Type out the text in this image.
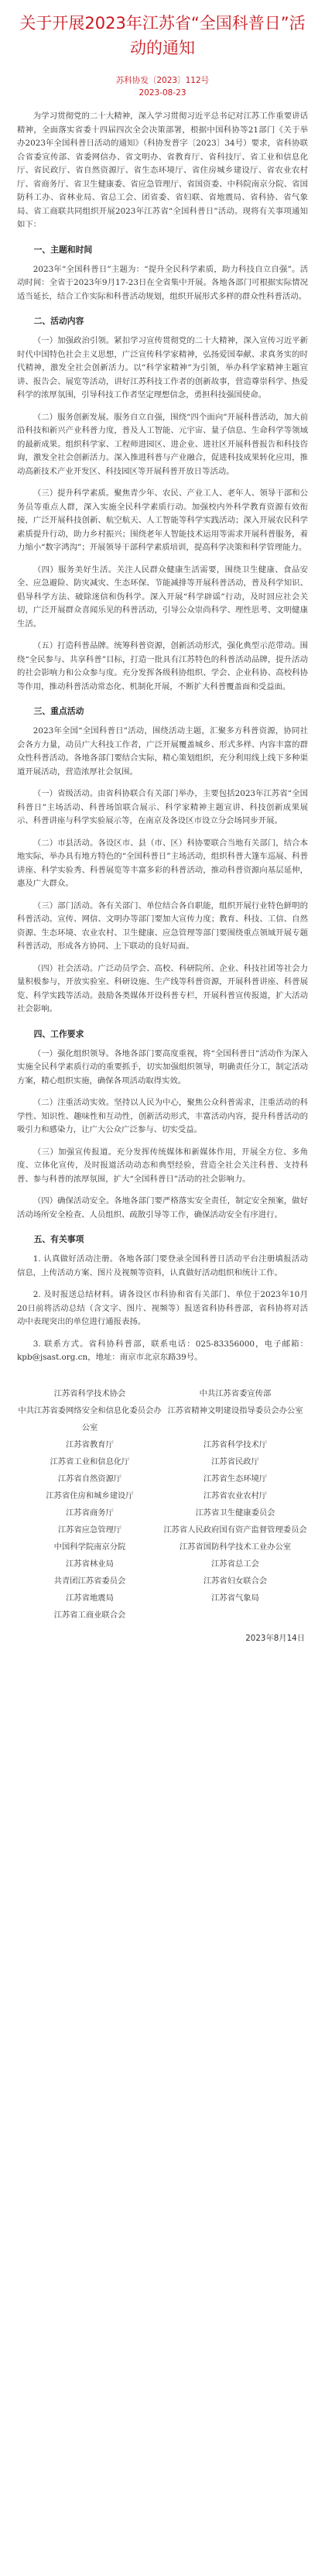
关于开展2023年江苏省“全国科普日”活动的通知
苏科协发〔2023〕112号
2023-08-23

为学习贯彻党的二十大精神，深入学习贯彻习近平总书记对江苏工作重要讲话精神，全面落实省委十四届四次全会决策部署，根据中国科协等21部门《关于举办2023年全国科普日活动的通知》（科协发普字〔2023〕34号）要求，省科协联合省委宣传部、省委网信办、省文明办、省教育厅、省科技厅、省工业和信息化厅、省民政厅、省自然资源厅、省生态环境厅、省住房城乡建设厅、省农业农村厅、省商务厅、省卫生健康委、省应急管理厅、省国资委、中科院南京分院、省国防科工办、省林业局、省总工会、团省委、省妇联、省地震局、省科协、省气象局、省工商联共同组织开展2023年江苏省“全国科普日”活动。现将有关事项通知如下：

一、主题和时间

2023年“全国科普日”主题为：“提升全民科学素质，助力科技自立自强”。活动时间：全省于2023年9月17-23日在全省集中开展。各地各部门可根据实际情况适当延长，结合工作实际和科普活动规划，组织开展形式多样的群众性科普活动。

二、活动内容

（一）加强政治引领。紧扣学习宣传贯彻党的二十大精神，深入宣传习近平新时代中国特色社会主义思想，广泛宣传科学家精神，弘扬爱国奉献、求真务实的时代精神，激发全社会创新活力。以“科学家精神”为引领，举办科学家精神主题宣讲、报告会、展览等活动，讲好江苏科技工作者的创新故事，营造尊崇科学、热爱科学的浓厚氛围，引导科技工作者坚定理想信念，勇担科技强国使命。

（二）服务创新发展。服务自立自强，围绕“四个面向”开展科普活动，加大前沿科技和新兴产业科普力度，普及人工智能、元宇宙、量子信息、生命科学等领域的最新成果。组织科学家、工程师进园区、进企业、进社区开展科普报告和科技咨询，激发全社会创新活力。深入推进科普与产业融合，促进科技成果转化应用，推动高新技术产业开发区、科技园区等开展科普开放日等活动。

（三）提升科学素质。聚焦青少年、农民、产业工人、老年人、领导干部和公务员等重点人群，深入实施全民科学素质行动。加强校内外科学教育资源有效衔接，广泛开展科技创新、航空航天、人工智能等科学实践活动；深入开展农民科学素质提升行动，助力乡村振兴；围绕老年人智能技术运用等需求开展科普服务，着力缩小“数字鸿沟”；开展领导干部科学素质培训，提高科学决策和科学管理能力。

（四）服务美好生活。关注人民群众健康生活需要，围绕卫生健康、食品安全、应急避险、防灾减灾、生态环保、节能减排等开展科普活动，普及科学知识、倡导科学方法、破除迷信和伪科学。深入开展“科学辟谣”行动，及时回应社会关切，广泛开展群众喜闻乐见的科普活动，引导公众崇尚科学、理性思考、文明健康生活。

（五）打造科普品牌。统筹科普资源，创新活动形式，强化典型示范带动。围绕“全民参与、共享科普”目标，打造一批具有江苏特色的科普活动品牌，提升活动的社会影响力和公众参与度。充分发挥各级科协组织、学会、企业科协、高校科协等作用，推动科普活动常态化、机制化开展，不断扩大科普覆盖面和受益面。

三、重点活动

2023年全国“全国科普日”活动，围绕活动主题，汇聚多方科普资源，协同社会各方力量，动员广大科技工作者，广泛开展覆盖城乡、形式多样、内容丰富的群众性科普活动。各地各部门要结合实际，精心策划组织，充分利用线上线下多种渠道开展活动，营造浓厚社会氛围。

（一）省级活动。由省科协联合有关部门举办，主要包括2023年江苏省“全国科普日”主场活动、科普场馆联合展示、科学家精神主题宣讲、科技创新成果展示、科普讲座与科学实验展示等，在南京及各设区市设立分会场同步开展。

（二）市县活动。各设区市、县（市、区）科协要联合当地有关部门，结合本地实际，举办具有地方特色的“全国科普日”主场活动，组织科普大篷车巡展、科普讲座、科学实验秀、科普展览等丰富多彩的科普活动，推动科普资源向基层延伸，惠及广大群众。

（三）部门活动。各有关部门、单位结合各自职能，组织开展行业特色鲜明的科普活动。宣传、网信、文明办等部门要加大宣传力度；教育、科技、工信、自然资源、生态环境、农业农村、卫生健康、应急管理等部门要围绕重点领域开展专题科普活动，形成各方协同、上下联动的良好局面。

（四）社会活动。广泛动员学会、高校、科研院所、企业、科技社团等社会力量积极参与，开放实验室、科研设施、生产线等科普资源，开展科普讲座、科普展览、科学实践等活动。鼓励各类媒体开设科普专栏，开展科普宣传报道，扩大活动社会影响。

四、工作要求

（一）强化组织领导。各地各部门要高度重视，将“全国科普日”活动作为深入实施全民科学素质行动的重要抓手，切实加强组织领导，明确责任分工，制定活动方案，精心组织实施，确保各项活动取得实效。

（二）注重活动实效。坚持以人民为中心，聚焦公众科普需求，注重活动的科学性、知识性、趣味性和互动性，创新活动形式，丰富活动内容，提升科普活动的吸引力和感染力，让广大公众广泛参与、切实受益。

（三）加强宣传报道。充分发挥传统媒体和新媒体作用，开展全方位、多角度、立体化宣传，及时报道活动动态和典型经验，营造全社会关注科普、支持科普、参与科普的浓厚氛围，扩大“全国科普日”活动的社会影响力。

（四）确保活动安全。各地各部门要严格落实安全责任，制定安全预案，做好活动场所安全检查、人员组织、疏散引导等工作，确保活动安全有序进行。

五、有关事项

1. 认真做好活动注册。各地各部门要登录全国科普日活动平台注册填报活动信息，上传活动方案、图片及视频等资料，认真做好活动组织和统计工作。

2. 及时报送总结材料。请各设区市科协和省有关部门、单位于2023年10月20日前将活动总结（含文字、图片、视频等）报送省科协科普部，省科协将对活动中表现突出的单位进行通报表扬。

3. 联系方式。省科协科普部，联系电话：025-83356000，电子邮箱：kpb@jsast.org.cn，地址：南京市北京东路39号。

江苏省科学技术协会	中共江苏省委宣传部
中共江苏省委网络安全和信息化委员会办公室
江苏省精神文明建设指导委员会办公室
江苏省教育厅	江苏省科学技术厅
江苏省工业和信息化厅	江苏省民政厅
江苏省自然资源厅	江苏省生态环境厅
江苏省住房和城乡建设厅	江苏省农业农村厅
江苏省商务厅	江苏省卫生健康委员会
江苏省应急管理厅	江苏省人民政府国有资产监督管理委员会
中国科学院南京分院	江苏省国防科学技术工业办公室
江苏省林业局	江苏省总工会
共青团江苏省委员会	江苏省妇女联合会
江苏省地震局	江苏省气象局
江苏省工商业联合会
2023年8月14日
